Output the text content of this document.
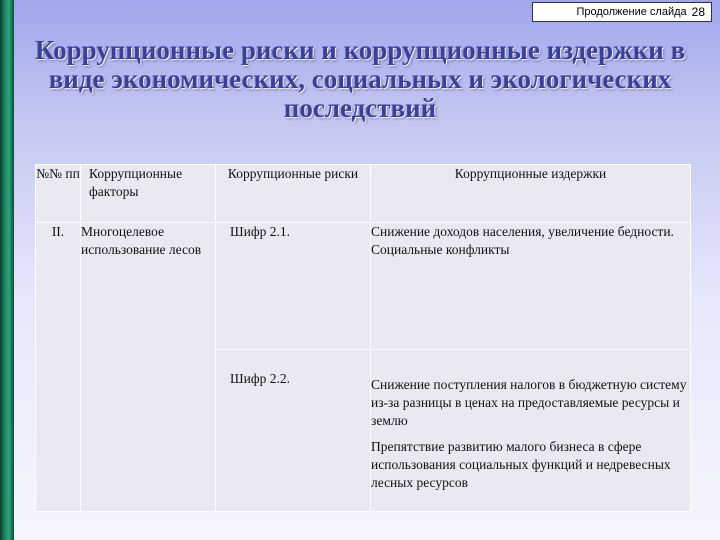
Продолжение слайда 28
Коррупционные риски и коррупционные издержки в виде экономических, социальных и экологических последствий
№№ пп	Коррупционные факторы	Коррупционные риски	Коррупционные издержки
II.	Многоцелевое использование лесов	Шифр 2.1.	Снижение доходов населения, увеличение бедности.
Социальные конфликты

		Шифр 2.2.	Снижение поступления налогов в бюджетную систему из-за разницы в ценах на предоставляемые ресурсы и землю
Препятствие развитию малого бизнеса в сфере использования социальных функций и недревесных лесных ресурсов
